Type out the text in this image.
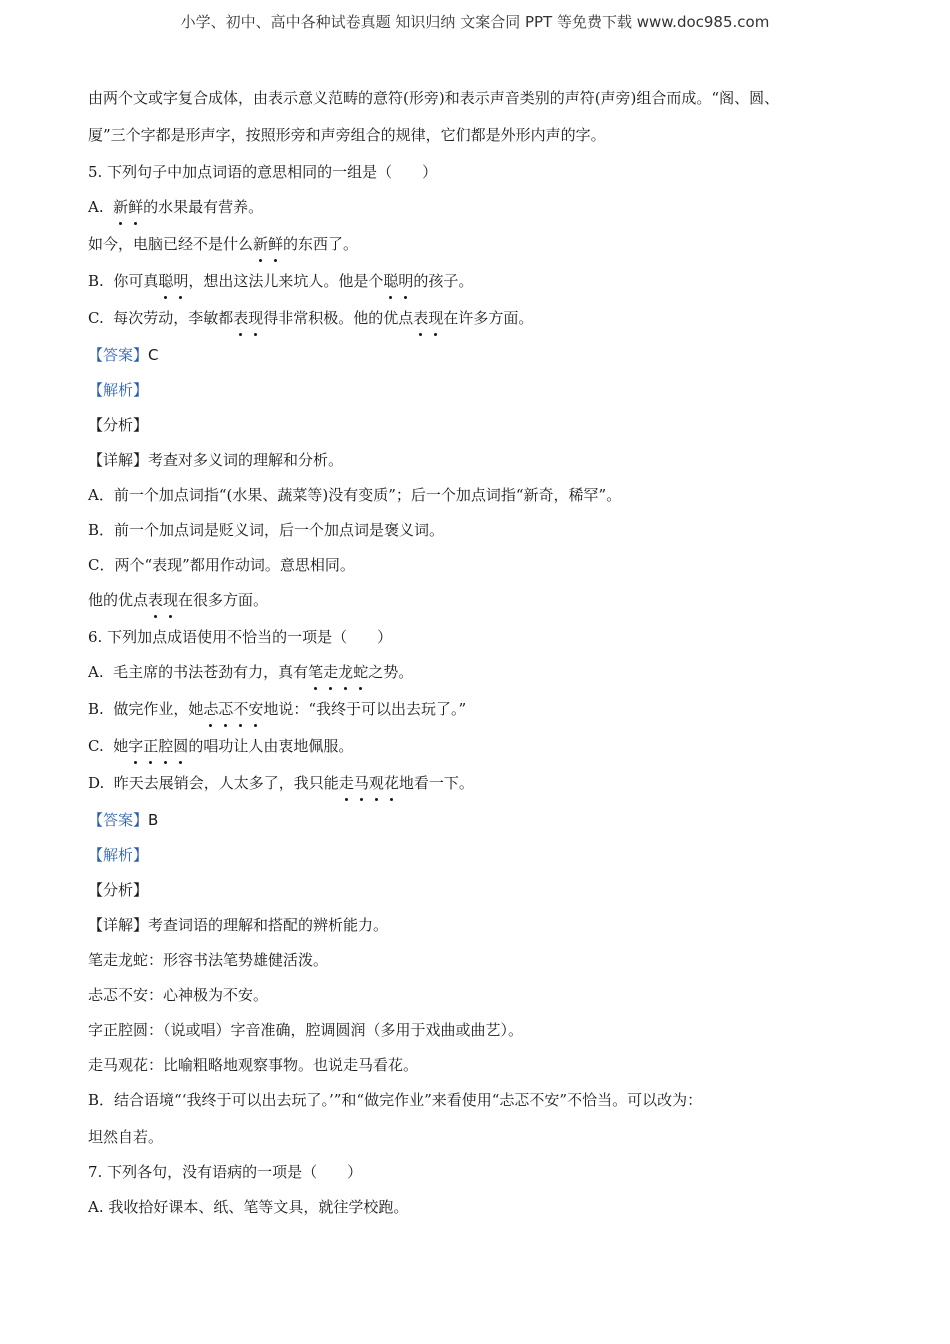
小学、初中、高中各种试卷真题 知识归纳 文案合同 PPT 等免费下载 www.doc985.com
由两个文或字复合成体，由表示意义范畴的意符(形旁)和表示声音类别的声符(声旁)组合而成。“阁、圆、
厦”三个字都是形声字，按照形旁和声旁组合的规律，它们都是外形内声的字。
5. 下列句子中加点词语的意思相同的一组是（　　）
A.  新鲜的水果最有营养。
如今，电脑已经不是什么新鲜的东西了。
B.  你可真聪明，想出这法儿来坑人。他是个聪明的孩子。
C.  每次劳动，李敏都表现得非常积极。他的优点表现在许多方面。
【答案】C
【解析】
【分析】
【详解】考查对多义词的理解和分析。
A．前一个加点词指“(水果、蔬菜等)没有变质”；后一个加点词指“新奇，稀罕”。
B．前一个加点词是贬义词，后一个加点词是褒义词。
C．两个“表现”都用作动词。意思相同。
他的优点表现在很多方面。
6. 下列加点成语使用不恰当的一项是（　　）
A.  毛主席的书法苍劲有力，真有笔走龙蛇之势。
B.  做完作业，她忐忑不安地说：“我终于可以出去玩了。”
C.  她字正腔圆的唱功让人由衷地佩服。
D.  昨天去展销会，人太多了，我只能走马观花地看一下。
【答案】B
【解析】
【分析】
【详解】考查词语的理解和搭配的辨析能力。
笔走龙蛇：形容书法笔势雄健活泼。
忐忑不安：心神极为不安。
字正腔圆：（说或唱）字音准确，腔调圆润（多用于戏曲或曲艺）。
走马观花：比喻粗略地观察事物。也说走马看花。
B．结合语境“‘我终于可以出去玩了。’”和“做完作业”来看使用“忐忑不安”不恰当。可以改为：
坦然自若。
7. 下列各句，没有语病的一项是（　　）
A. 我收拾好课本、纸、笔等文具，就往学校跑。
